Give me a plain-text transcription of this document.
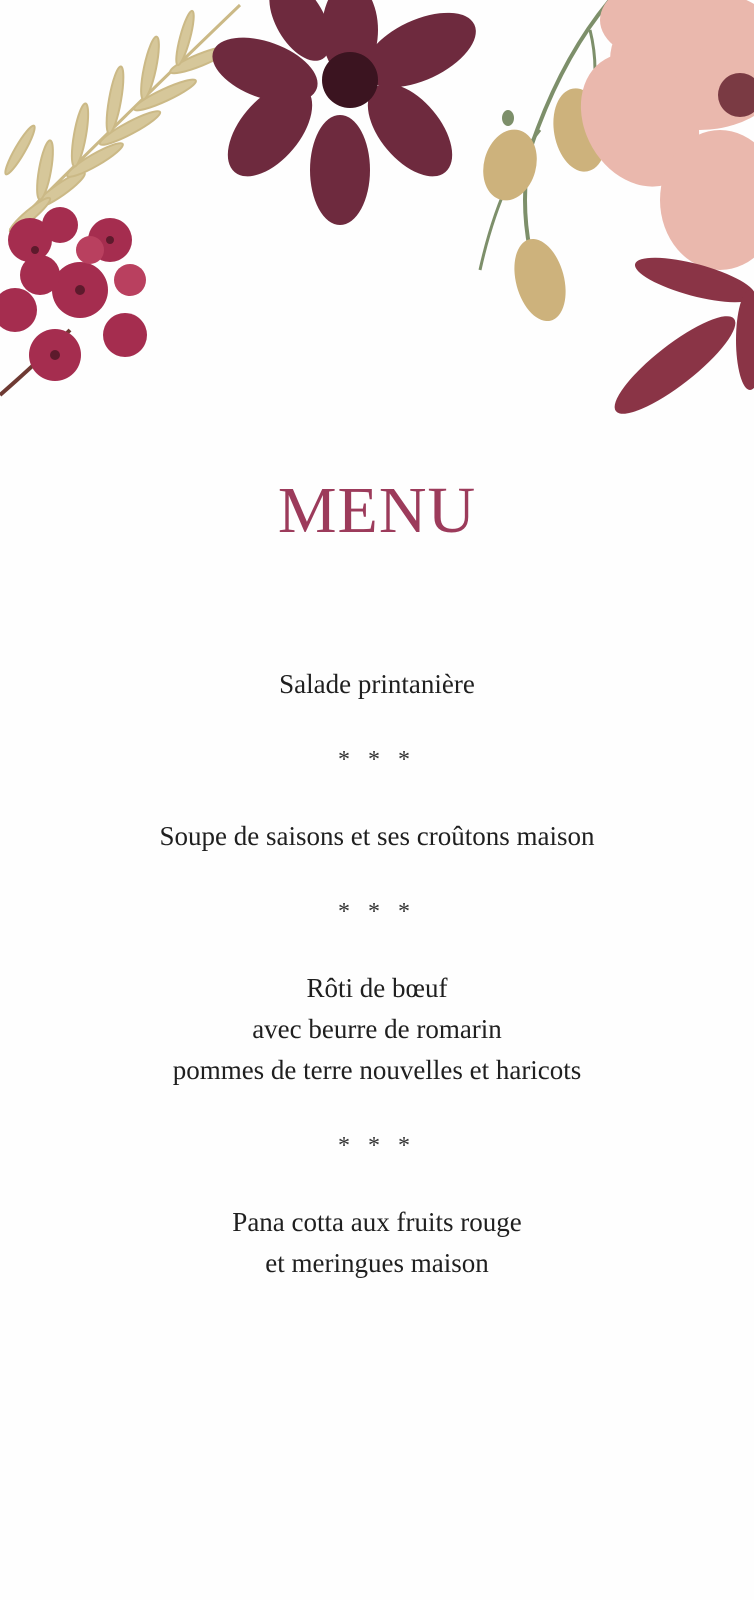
MENU
Salade printanière
* * *
Soupe de saisons et ses croûtons maison
* * *
Rôti de bœuf
avec beurre de romarin
pommes de terre nouvelles et haricots
* * *
Pana cotta aux fruits rouge
et meringues maison
